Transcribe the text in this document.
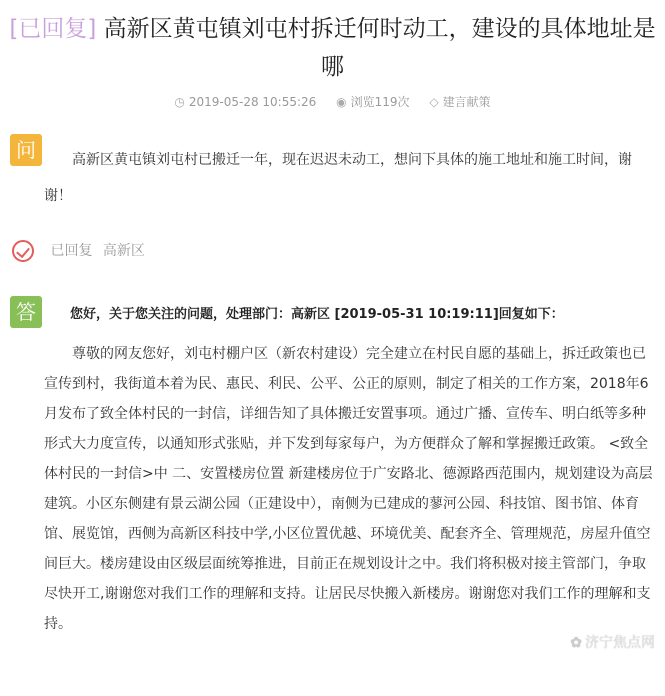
[已回复] 高新区黄屯镇刘屯村拆迁何时动工，建设的具体地址是哪
◷ 2019-05-28 10:55:26 ◉ 浏览119次 ◇ 建言献策
问	高新区黄屯镇刘屯村已搬迁一年，现在迟迟未动工，想问下具体的施工地址和施工时间，谢谢！
已回复 高新区
答	您好，关于您关注的问题，处理部门：高新区 [2019-05-31 10:19:11]回复如下：
尊敬的网友您好，刘屯村棚户区（新农村建设）完全建立在村民自愿的基础上，拆迁政策也已宣传到村，我街道本着为民、惠民、利民、公平、公正的原则，制定了相关的工作方案，2018年6月发布了致全体村民的一封信，详细告知了具体搬迁安置事项。通过广播、宣传车、明白纸等多种形式大力度宣传，以通知形式张贴，并下发到每家每户，为方便群众了解和掌握搬迁政策。 <致全体村民的一封信>中 二、安置楼房位置 新建楼房位于广安路北、德源路西范围内，规划建设为高层建筑。小区东侧建有景云湖公园（正建设中），南侧为已建成的蓼河公园、科技馆、图书馆、体育馆、展览馆，西侧为高新区科技中学,小区位置优越、环境优美、配套齐全、管理规范，房屋升值空间巨大。楼房建设由区级层面统筹推进，目前正在规划设计之中。我们将积极对接主管部门，争取尽快开工,谢谢您对我们工作的理解和支持。让居民尽快搬入新楼房。谢谢您对我们工作的理解和支持。
✿ 济宁焦点网
